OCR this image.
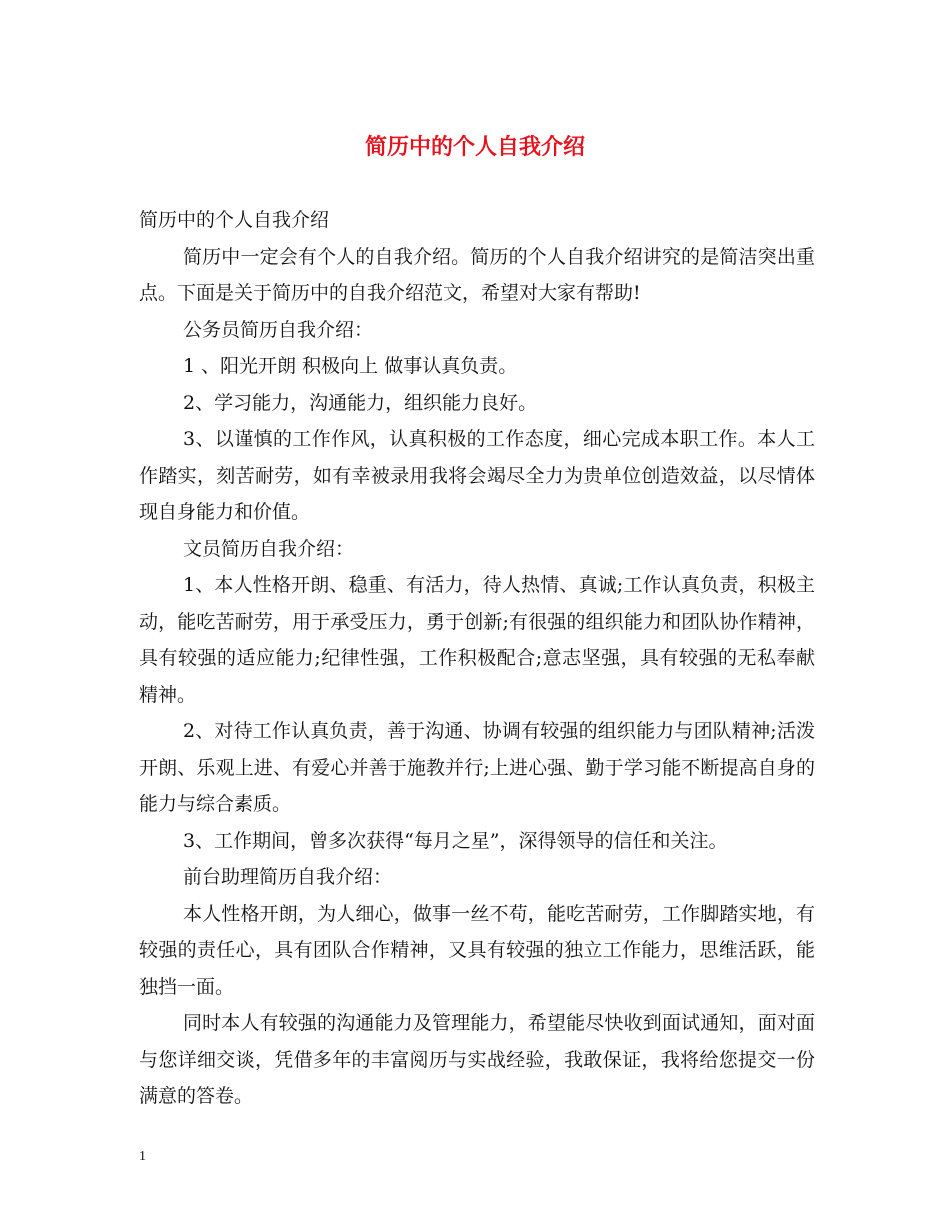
简历中的个人自我介绍

简历中的个人自我介绍

简历中一定会有个人的自我介绍。简历的个人自我介绍讲究的是简洁突出重点。下面是关于简历中的自我介绍范文，希望对大家有帮助!

公务员简历自我介绍：

1 、阳光开朗 积极向上 做事认真负责。

2、学习能力，沟通能力，组织能力良好。

3、以谨慎的工作作风，认真积极的工作态度，细心完成本职工作。本人工作踏实，刻苦耐劳，如有幸被录用我将会竭尽全力为贵单位创造效益，以尽情体现自身能力和价值。

文员简历自我介绍：

1、本人性格开朗、稳重、有活力，待人热情、真诚;工作认真负责，积极主动，能吃苦耐劳，用于承受压力，勇于创新;有很强的组织能力和团队协作精神，具有较强的适应能力;纪律性强，工作积极配合;意志坚强，具有较强的无私奉献精神。

2、对待工作认真负责，善于沟通、协调有较强的组织能力与团队精神;活泼开朗、乐观上进、有爱心并善于施教并行;上进心强、勤于学习能不断提高自身的能力与综合素质。

3、工作期间，曾多次获得“每月之星”，深得领导的信任和关注。

前台助理简历自我介绍：

本人性格开朗，为人细心，做事一丝不苟，能吃苦耐劳，工作脚踏实地，有较强的责任心，具有团队合作精神，又具有较强的独立工作能力，思维活跃，能独挡一面。

同时本人有较强的沟通能力及管理能力，希望能尽快收到面试通知，面对面与您详细交谈，凭借多年的丰富阅历与实战经验，我敢保证，我将给您提交一份满意的答卷。

1
